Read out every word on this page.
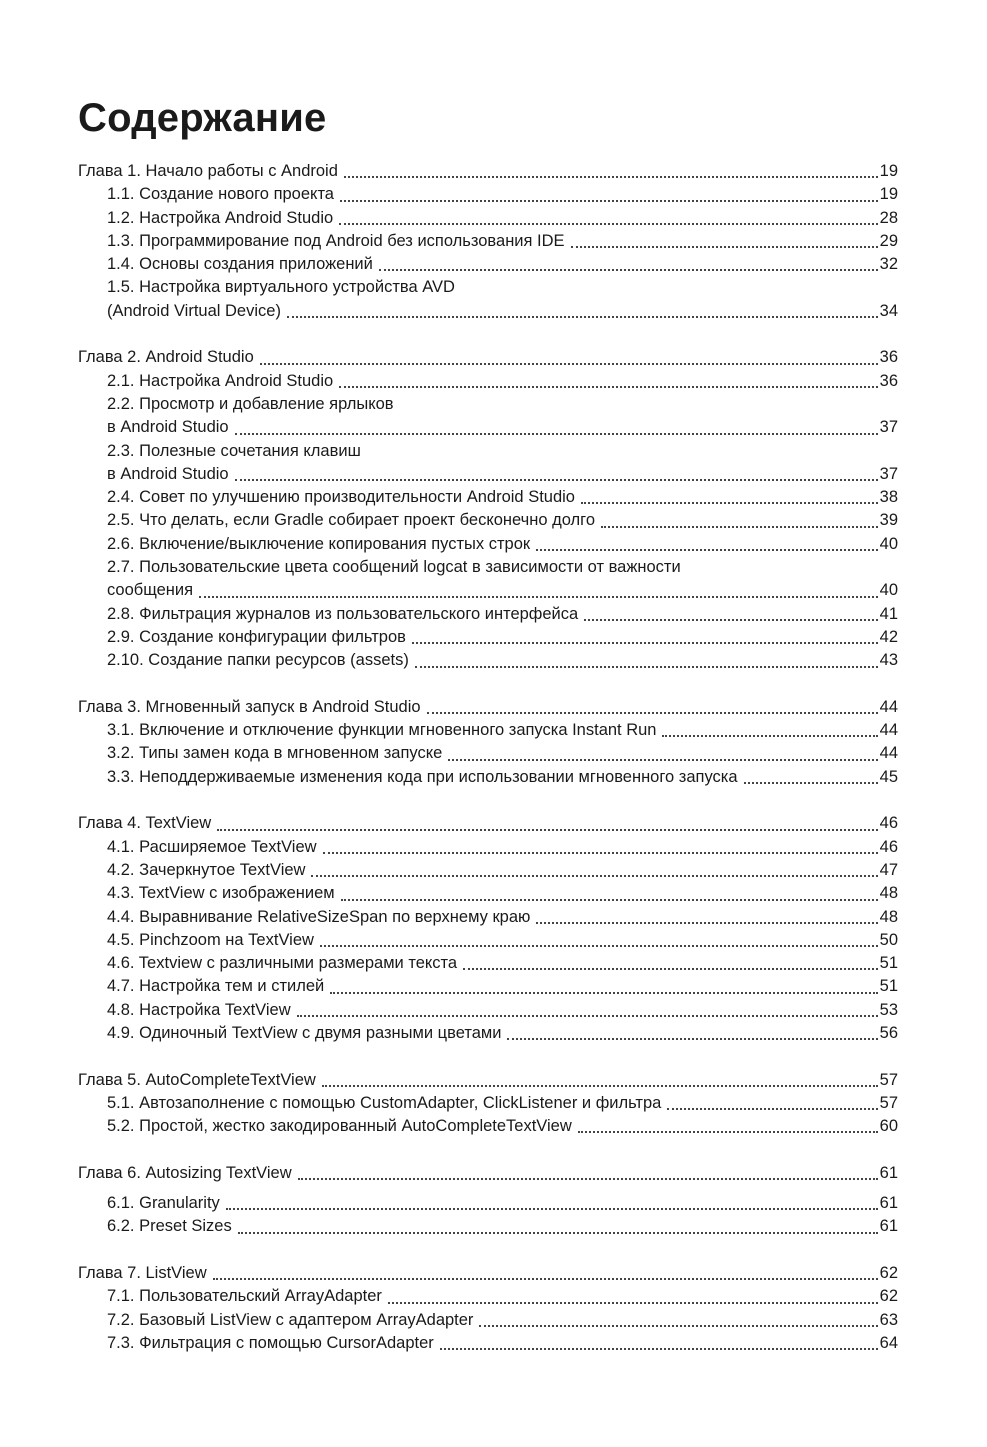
Содержание
Глава 1. Начало работы с Android	19
1.1. Создание нового проекта	19
1.2. Настройка Android Studio	28
1.3. Программирование под Android без использования IDE	29
1.4. Основы создания приложений	32
1.5. Настройка виртуального устройства AVD
(Android Virtual Device)	34
Глава 2. Android Studio	36
2.1. Настройка Android Studio	36
2.2. Просмотр и добавление ярлыков
в Android Studio	37
2.3. Полезные сочетания клавиш
в Android Studio	37
2.4. Совет по улучшению производительности Android Studio	38
2.5. Что делать, если Gradle собирает проект бесконечно долго	39
2.6. Включение/выключение копирования пустых строк	40
2.7. Пользовательские цвета сообщений logcat в зависимости от важности
сообщения	40
2.8. Фильтрация журналов из пользовательского интерфейса	41
2.9. Создание конфигурации фильтров	42
2.10. Создание папки ресурсов (assets)	43
Глава 3. Мгновенный запуск в Android Studio	44
3.1. Включение и отключение функции мгновенного запуска Instant Run	44
3.2. Типы замен кода в мгновенном запуске	44
3.3. Неподдерживаемые изменения кода при использовании мгновенного запуска	45
Глава 4. TextView	46
4.1. Расширяемое TextView	46
4.2. Зачеркнутое TextView	47
4.3. TextView с изображением	48
4.4. Выравнивание RelativeSizeSpan по верхнему краю	48
4.5. Pinchzoom на TextView	50
4.6. Textview с различными размерами текста	51
4.7. Настройка тем и стилей	51
4.8. Настройка TextView	53
4.9. Одиночный TextView с двумя разными цветами	56
Глава 5. AutoCompleteTextView	57
5.1. Автозаполнение с помощью CustomAdapter, ClickListener и фильтра	57
5.2. Простой, жестко закодированный AutoCompleteTextView	60
Глава 6. Autosizing TextView	61
6.1. Granularity	61
6.2. Preset Sizes	61
Глава 7. ListView	62
7.1. Пользовательский ArrayAdapter	62
7.2. Базовый ListView с адаптером ArrayAdapter	63
7.3. Фильтрация с помощью CursorAdapter	64
